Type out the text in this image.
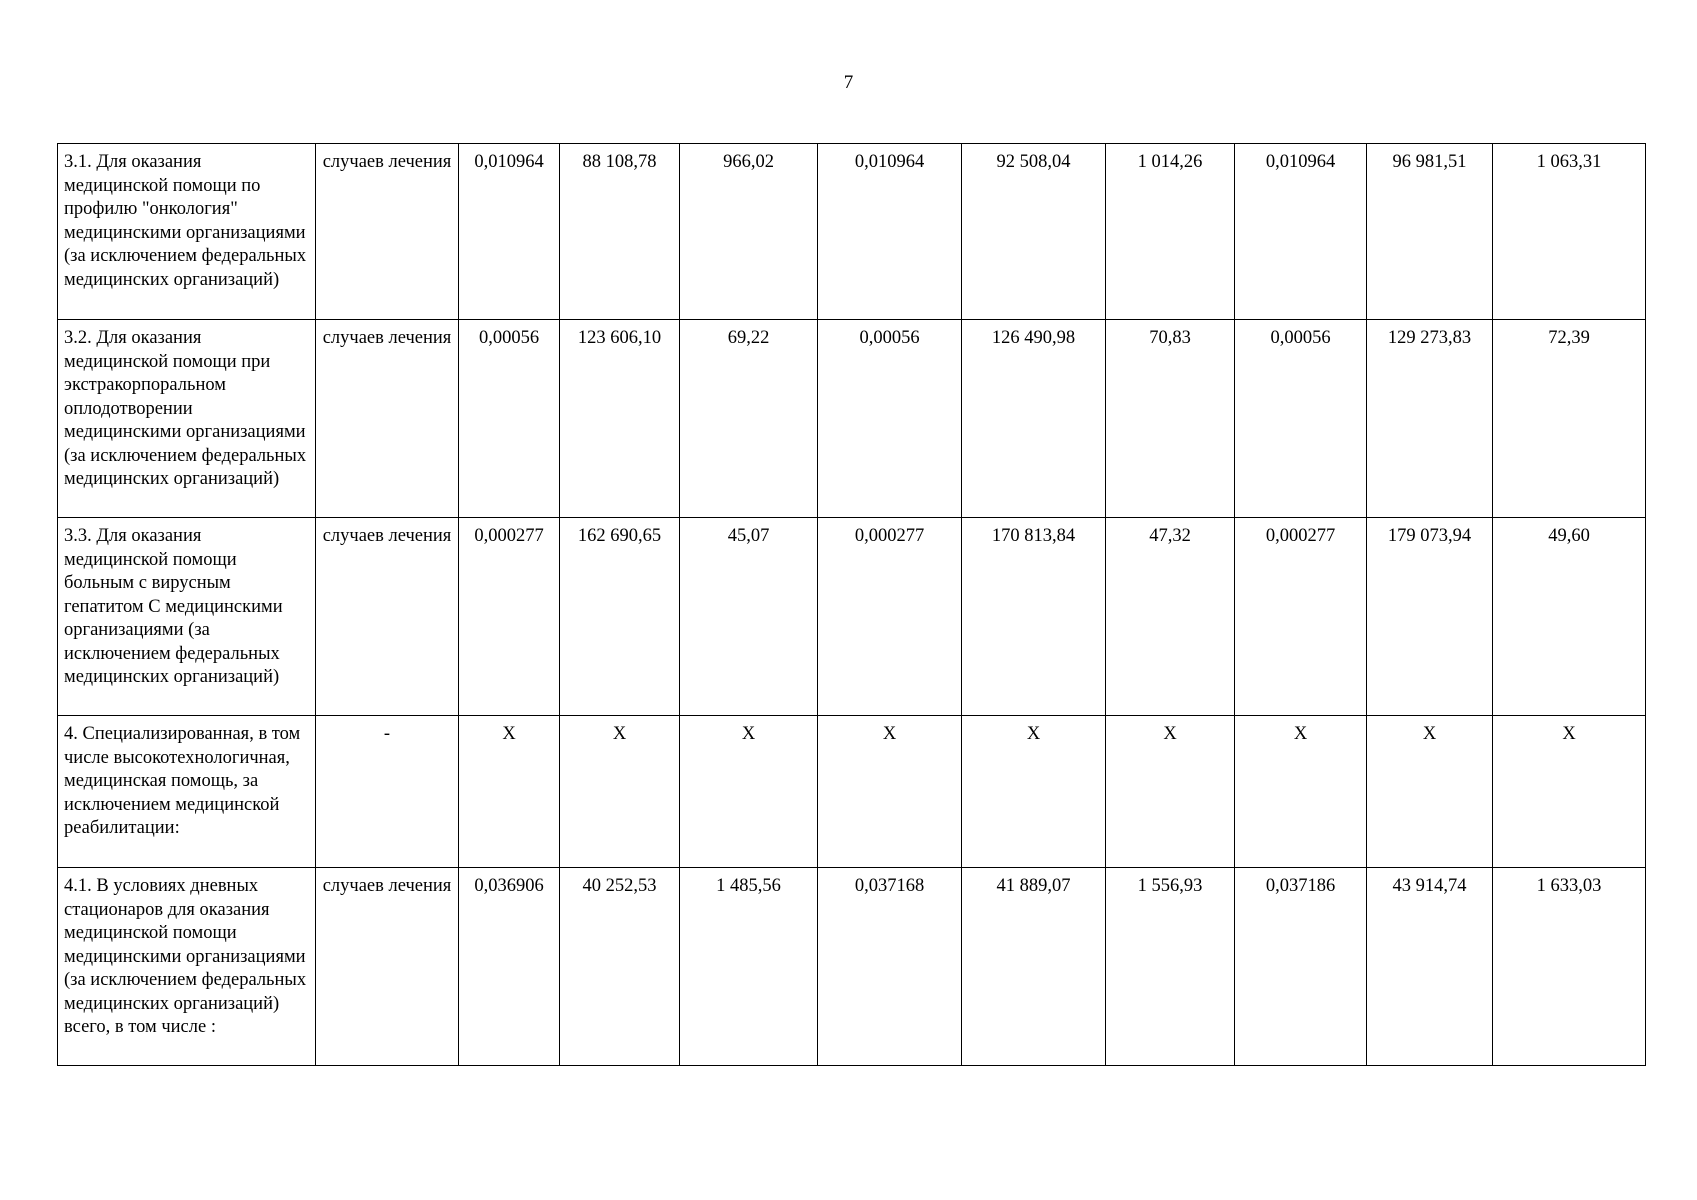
7
3.1. Для оказания медицинской помощи по профилю "онкология" медицинскими организациями (за исключением федеральных медицинских организаций)	случаев лечения	0,010964	88 108,78	966,02	0,010964	92 508,04	1 014,26	0,010964	96 981,51	1 063,31
3.2. Для оказания медицинской помощи при экстракорпоральном оплодотворении медицинскими организациями (за исключением федеральных медицинских организаций)	случаев лечения	0,00056	123 606,10	69,22	0,00056	126 490,98	70,83	0,00056	129 273,83	72,39
3.3. Для оказания медицинской помощи больным с вирусным гепатитом С медицинскими организациями (за исключением федеральных медицинских организаций)	случаев лечения	0,000277	162 690,65	45,07	0,000277	170 813,84	47,32	0,000277	179 073,94	49,60
4. Специализированная, в том числе высокотехнологичная, медицинская помощь, за исключением медицинской реабилитации:	-	X	X	X	X	X	X	X	X	X
4.1. В условиях дневных стационаров для оказания медицинской помощи медицинскими организациями (за исключением федеральных медицинских организаций) всего, в том числе :	случаев лечения	0,036906	40 252,53	1 485,56	0,037168	41 889,07	1 556,93	0,037186	43 914,74	1 633,03
